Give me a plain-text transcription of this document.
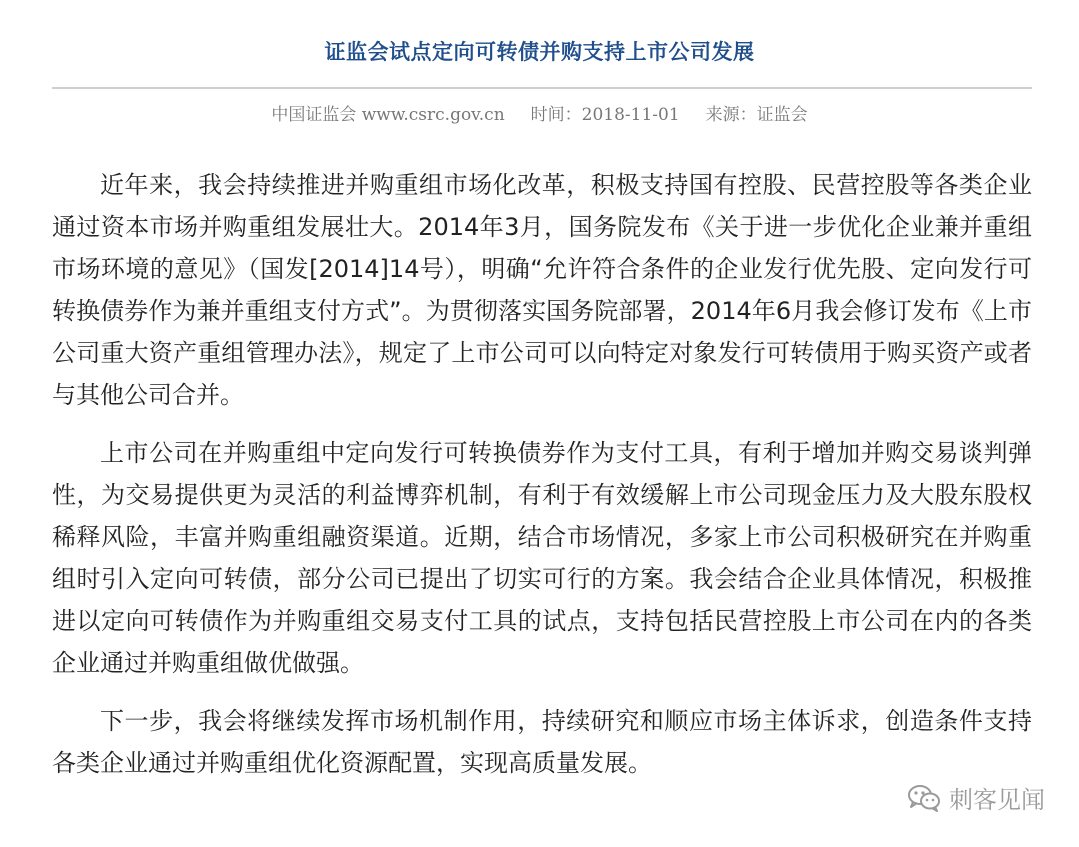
证监会试点定向可转债并购支持上市公司发展
中国证监会 www.csrc.gov.cn 时间：2018-11-01 来源：证监会

近年来，我会持续推进并购重组市场化改革，积极支持国有控股、民营控股等各类企业通过资本市场并购重组发展壮大。2014年3月，国务院发布《关于进一步优化企业兼并重组市场环境的意见》（国发[2014]14号），明确“允许符合条件的企业发行优先股、定向发行可转换债券作为兼并重组支付方式”。为贯彻落实国务院部署，2014年6月我会修订发布《上市公司重大资产重组管理办法》，规定了上市公司可以向特定对象发行可转债用于购买资产或者与其他公司合并。

上市公司在并购重组中定向发行可转换债券作为支付工具，有利于增加并购交易谈判弹性，为交易提供更为灵活的利益博弈机制，有利于有效缓解上市公司现金压力及大股东股权稀释风险，丰富并购重组融资渠道。近期，结合市场情况，多家上市公司积极研究在并购重组时引入定向可转债，部分公司已提出了切实可行的方案。我会结合企业具体情况，积极推进以定向可转债作为并购重组交易支付工具的试点，支持包括民营控股上市公司在内的各类企业通过并购重组做优做强。

下一步，我会将继续发挥市场机制作用，持续研究和顺应市场主体诉求，创造条件支持各类企业通过并购重组优化资源配置，实现高质量发展。

刺客见闻
